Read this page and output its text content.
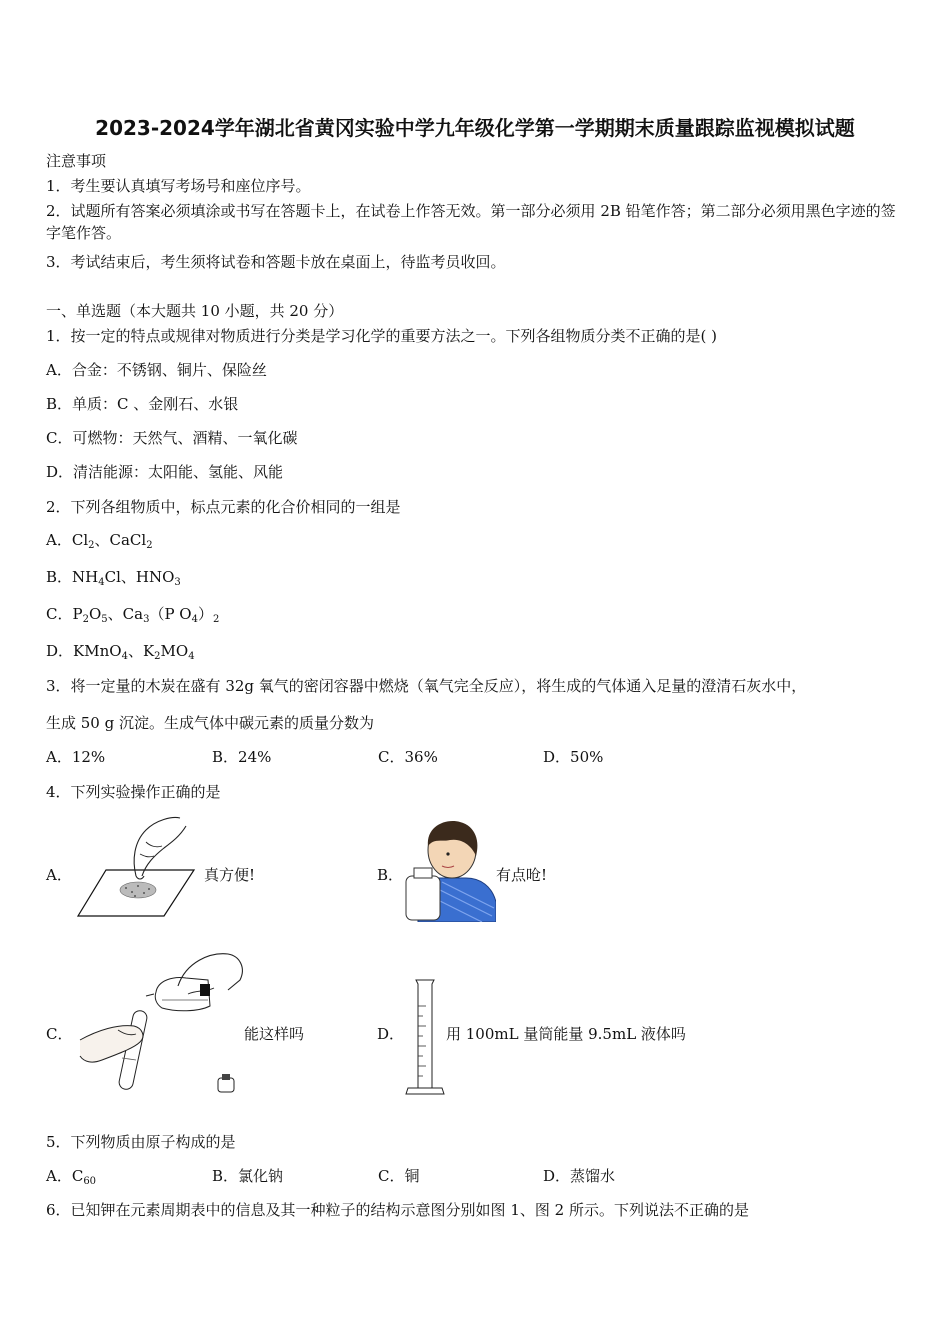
2023-2024学年湖北省黄冈实验中学九年级化学第一学期期末质量跟踪监视模拟试题
注意事项
1．考生要认真填写考场号和座位序号。
2．试题所有答案必须填涂或书写在答题卡上，在试卷上作答无效。第一部分必须用 2B 铅笔作答；第二部分必须用黑色字迹的签字笔作答。
3．考试结束后，考生须将试卷和答题卡放在桌面上，待监考员收回。
一、单选题（本大题共 10 小题，共 20 分）
1．按一定的特点或规律对物质进行分类是学习化学的重要方法之一。下列各组物质分类不正确的是( )
A．合金：不锈钢、铜片、保险丝
B．单质：C 、金刚石、水银
C．可燃物：天然气、酒精、一氧化碳
D．清洁能源：太阳能、氢能、风能
2．下列各组物质中，标点元素的化合价相同的一组是
A．$Cl_2$、CaCl$_2$
B．$NH_4Cl$、$HNO_3$
C．$P_2O_5$、$Ca_3(P$ $O_4)_2$
D．KMnO$_4$、$K_2MO_4$
3．将一定量的木炭在盛有 32g 氧气的密闭容器中燃烧（氧气完全反应），将生成的气体通入足量的澄清石灰水中，
生成 50 g 沉淀。生成气体中碳元素的质量分数为
A．12%	B．24%	C．36%	D．50%
4．下列实验操作正确的是
A．	真方便!	B．	有点呛!
C．	能这样吗	D．	用 100mL 量筒能量 9.5mL 液体吗
5．下列物质由原子构成的是
A．$C_{60}$	B．氯化钠	C．铜	D．蒸馏水
6．已知钾在元素周期表中的信息及其一种粒子的结构示意图分别如图 1、图 2 所示。下列说法不正确的是
